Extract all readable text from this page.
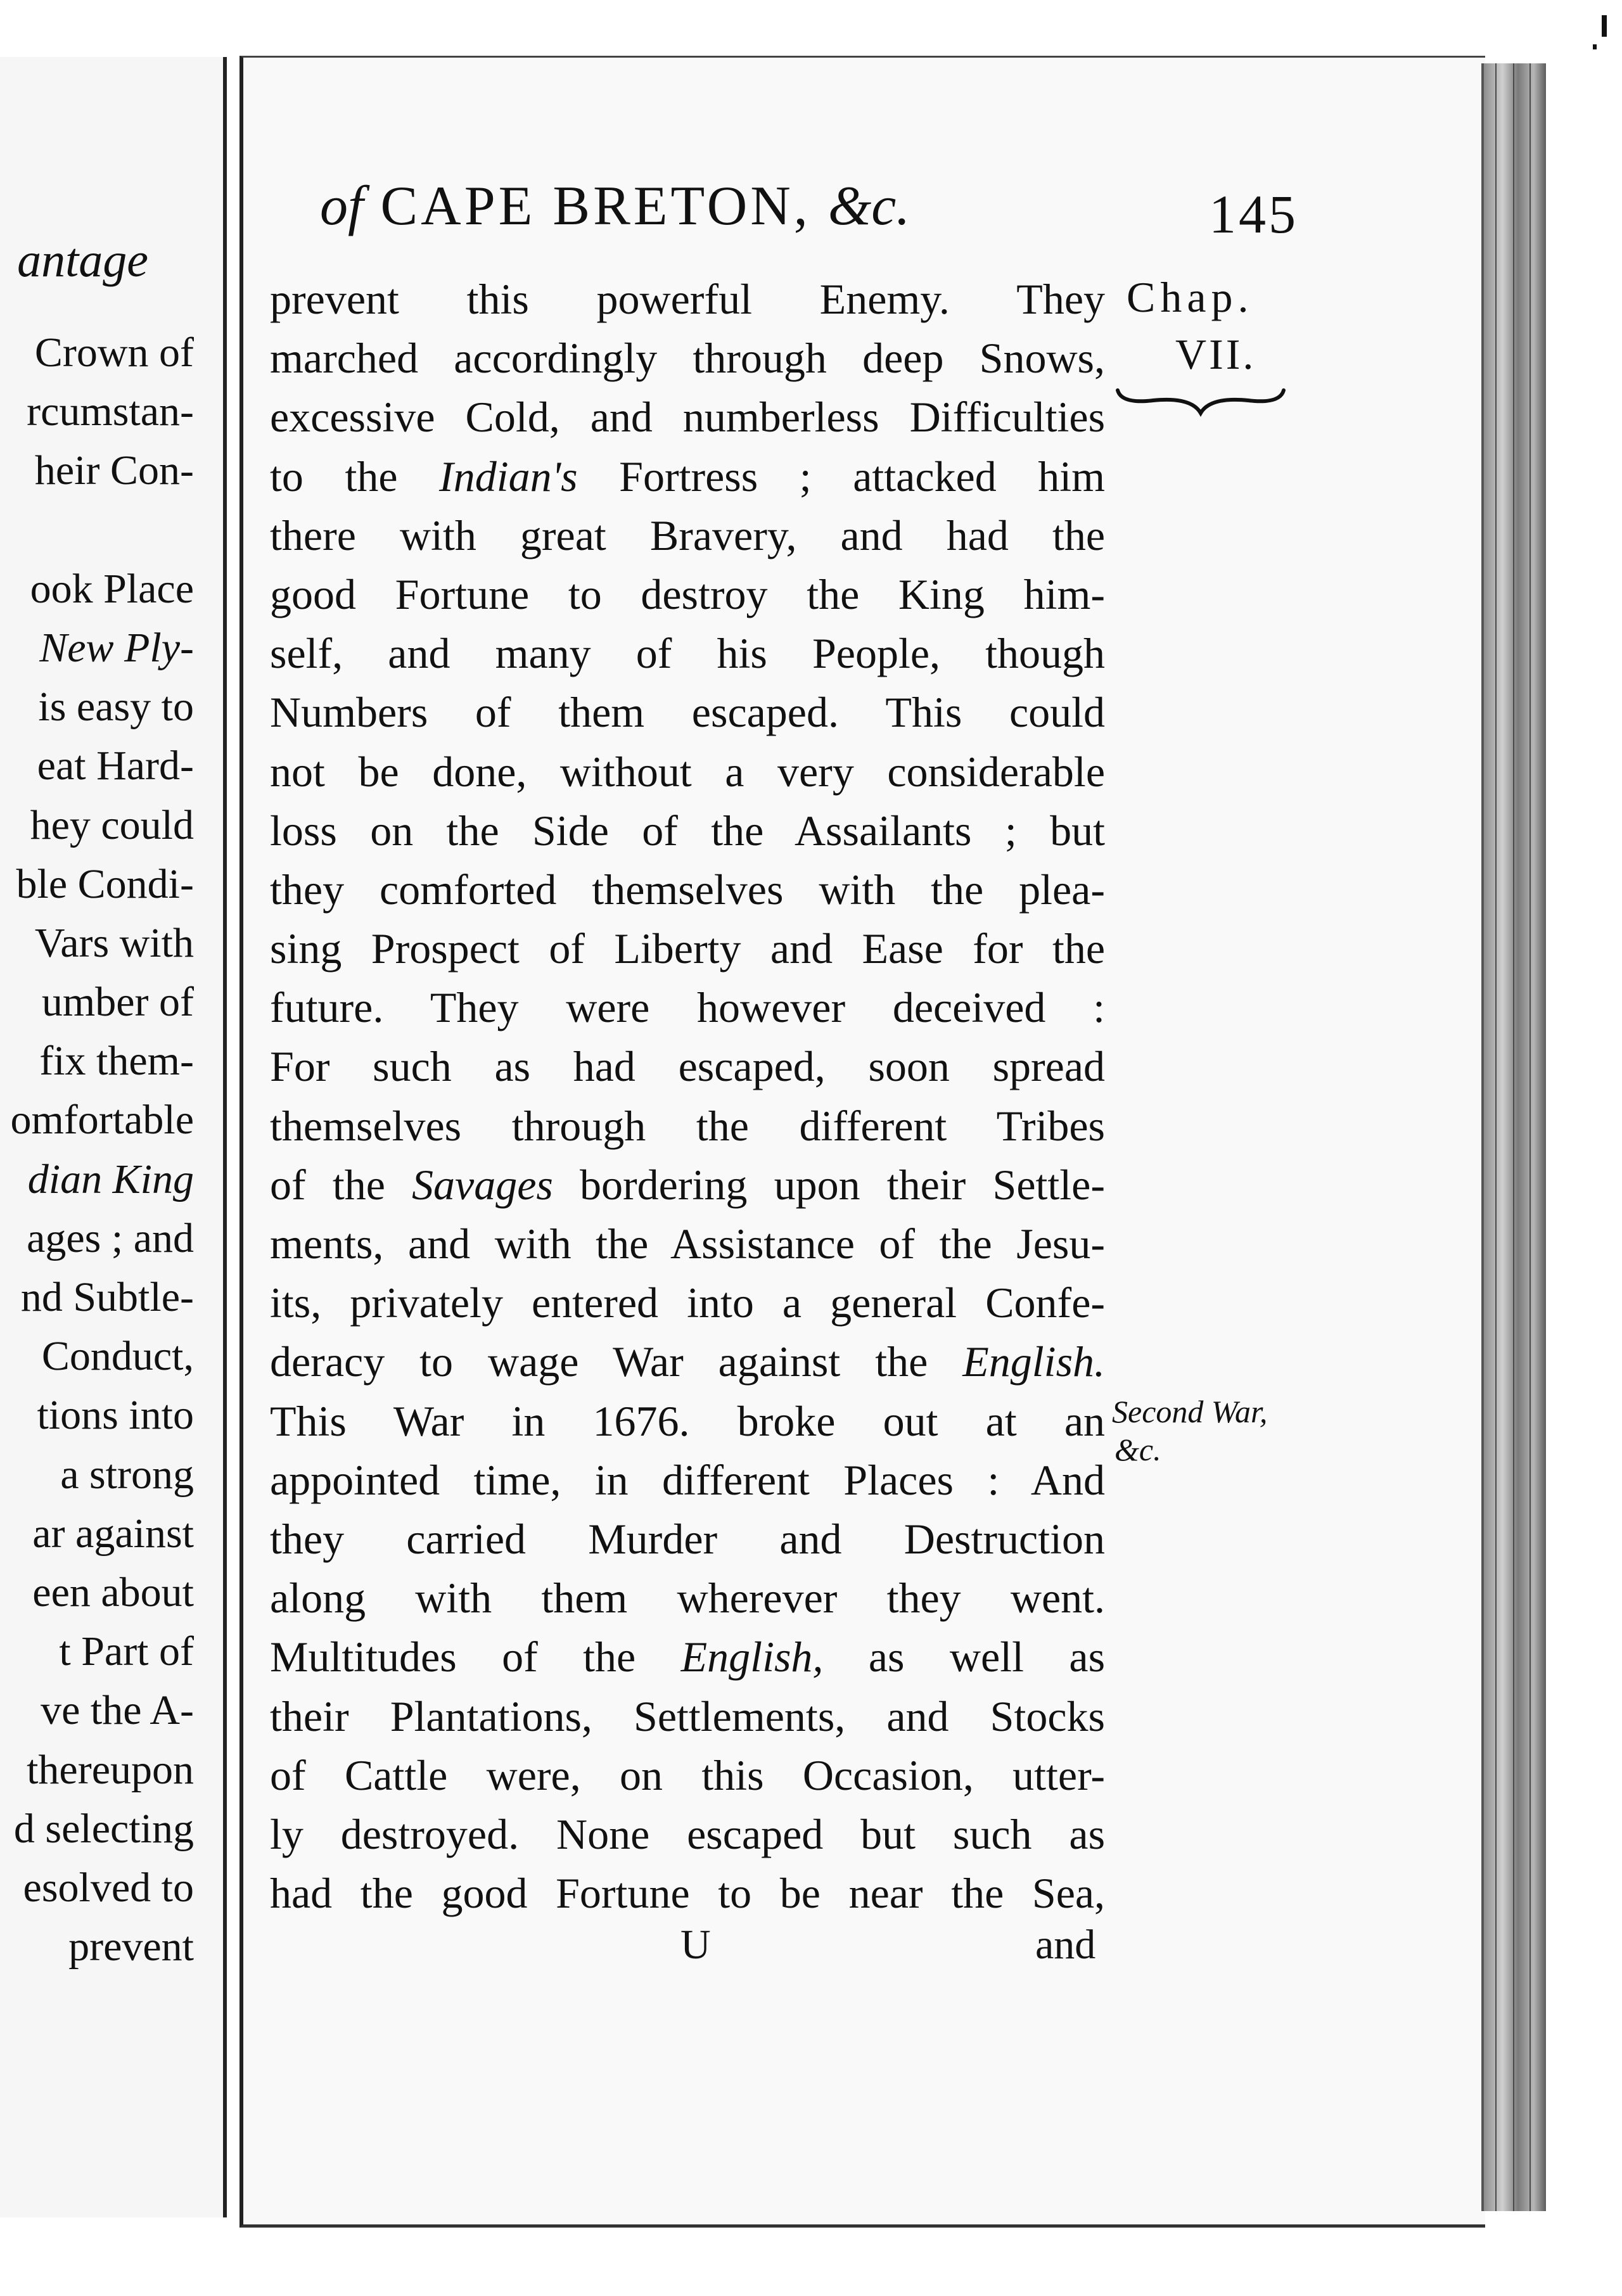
antage
Crown of
rcumstan-
heir Con-
ook Place
New Ply-
is easy to
eat Hard-
hey could
ble Condi-
Vars with
umber of
fix them-
omfortable
dian King
ages ; and
nd Subtle-
Conduct,
tions into
a strong
ar against
een about
t Part of
ve the A-
thereupon
d selecting
esolved to
prevent
of CAPE BRETON, &c.	145
Chap.
VII.
Second War,
&c.
prevent this powerful Enemy. They
marched accordingly through deep Snows,
excessive Cold, and numberless Difficulties
to the Indian's Fortress ; attacked him
there with great Bravery, and had the
good Fortune to destroy the King him-
self, and many of his People, though
Numbers of them escaped. This could
not be done, without a very considerable
loss on the Side of the Assailants ; but
they comforted themselves with the plea-
sing Prospect of Liberty and Ease for the
future. They were however deceived :
For such as had escaped, soon spread
themselves through the different Tribes
of the Savages bordering upon their Settle-
ments, and with the Assistance of the Jesu-
its, privately entered into a general Confe-
deracy to wage War against the English.
This War in 1676. broke out at an
appointed time, in different Places : And
they carried Murder and Destruction
along with them wherever they went.
Multitudes of the English, as well as
their Plantations, Settlements, and Stocks
of Cattle were, on this Occasion, utter-
ly destroyed. None escaped but such as
had the good Fortune to be near the Sea,
U	and
